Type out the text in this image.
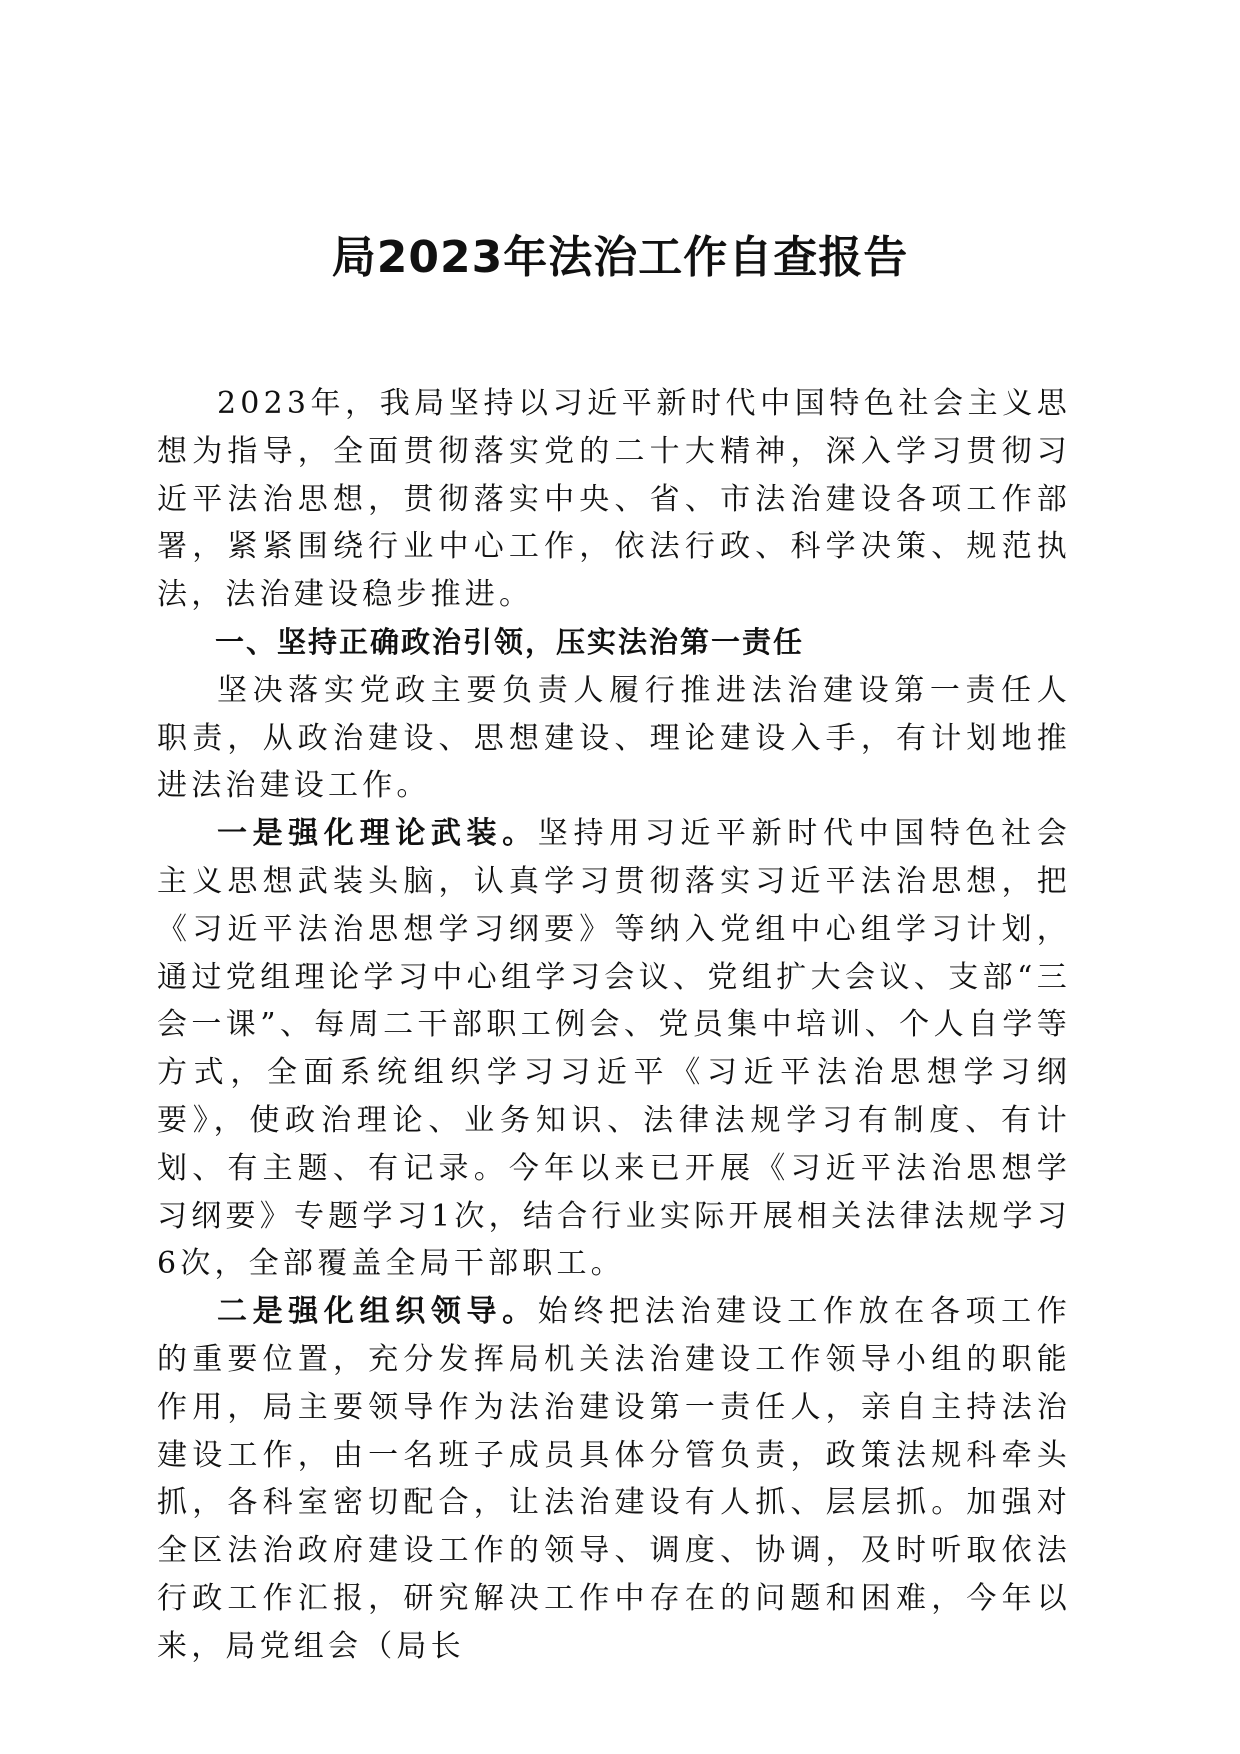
局2023年法治工作自查报告

2023年，我局坚持以习近平新时代中国特色社会主义思想为指导，全面贯彻落实党的二十大精神，深入学习贯彻习近平法治思想，贯彻落实中央、省、市法治建设各项工作部署，紧紧围绕行业中心工作，依法行政、科学决策、规范执法，法治建设稳步推进。

一、坚持正确政治引领，压实法治第一责任

坚决落实党政主要负责人履行推进法治建设第一责任人职责，从政治建设、思想建设、理论建设入手，有计划地推进法治建设工作。

一是强化理论武装。坚持用习近平新时代中国特色社会主义思想武装头脑，认真学习贯彻落实习近平法治思想，把《习近平法治思想学习纲要》等纳入党组中心组学习计划，通过党组理论学习中心组学习会议、党组扩大会议、支部“三会一课”、每周二干部职工例会、党员集中培训、个人自学等方式，全面系统组织学习习近平《习近平法治思想学习纲要》，使政治理论、业务知识、法律法规学习有制度、有计划、有主题、有记录。今年以来已开展《习近平法治思想学习纲要》专题学习1次，结合行业实际开展相关法律法规学习6次，全部覆盖全局干部职工。

二是强化组织领导。始终把法治建设工作放在各项工作的重要位置，充分发挥局机关法治建设工作领导小组的职能作用，局主要领导作为法治建设第一责任人，亲自主持法治建设工作，由一名班子成员具体分管负责，政策法规科牵头抓，各科室密切配合，让法治建设有人抓、层层抓。加强对全区法治政府建设工作的领导、调度、协调，及时听取依法行政工作汇报，研究解决工作中存在的问题和困难，今年以来，局党组会（局长
